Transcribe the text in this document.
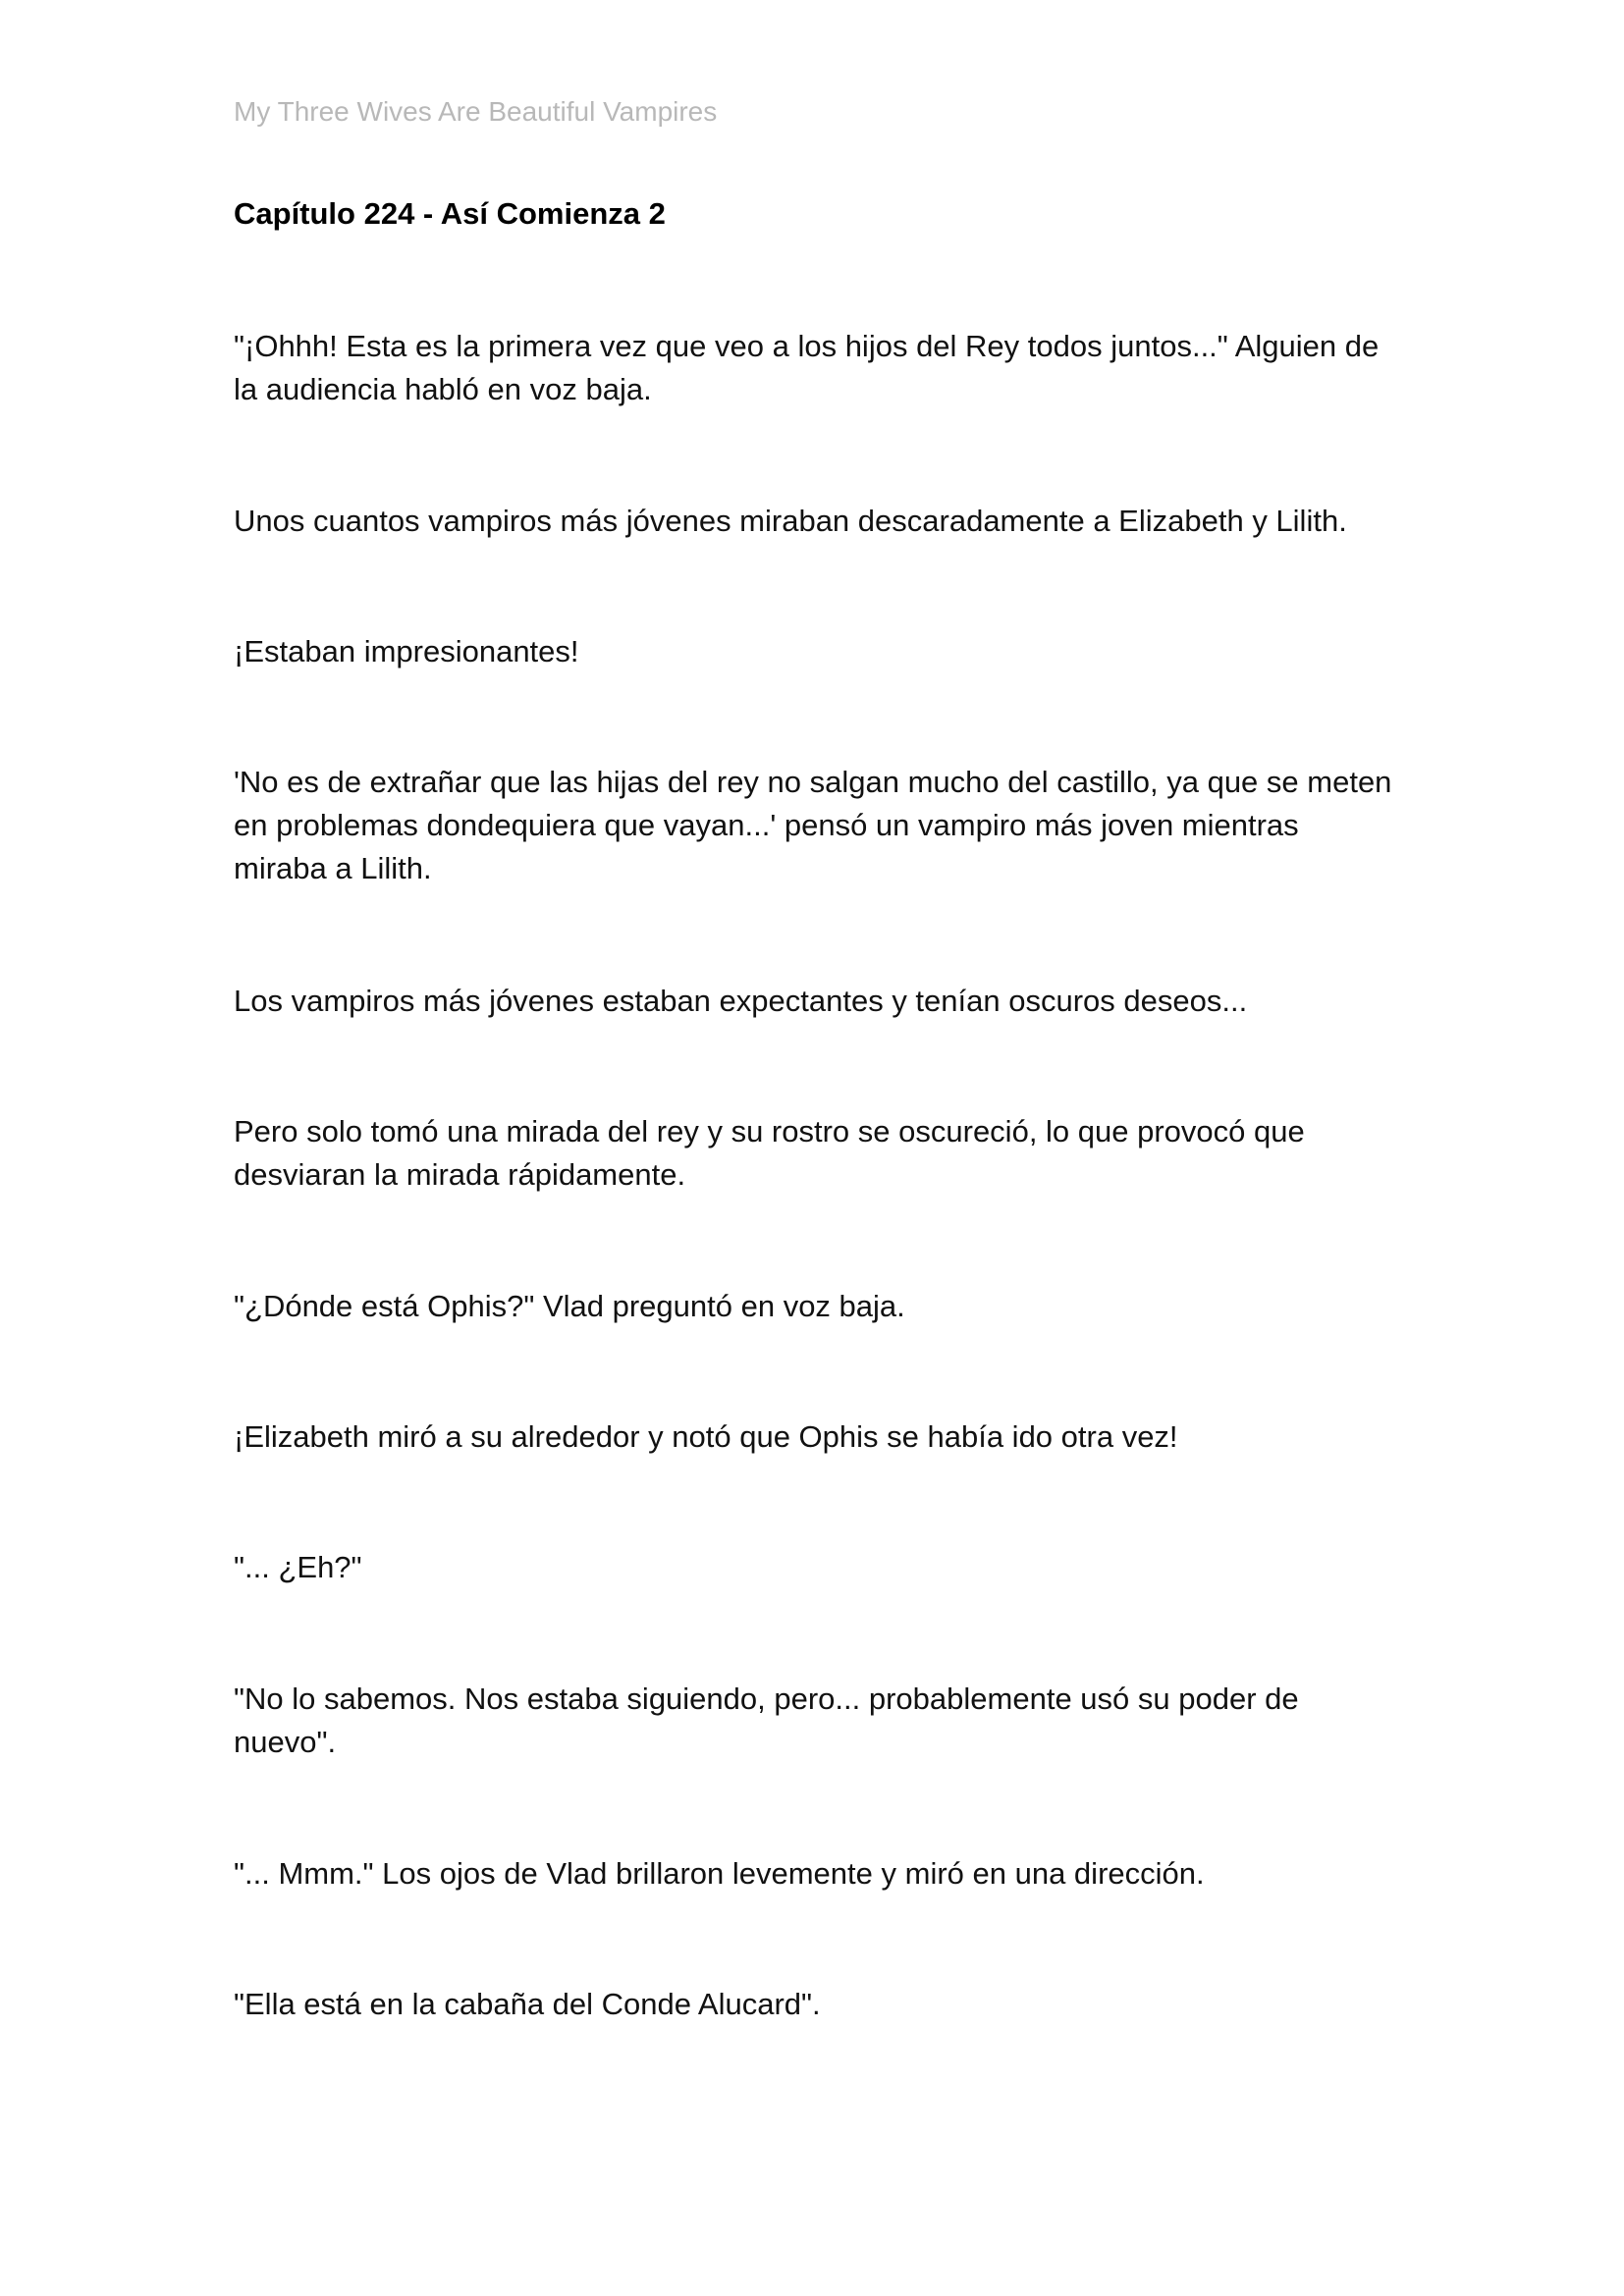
My Three Wives Are Beautiful Vampires
Capítulo 224 - Así Comienza 2

"¡Ohhh! Esta es la primera vez que veo a los hijos del Rey todos juntos..." Alguien de la audiencia habló en voz baja.

Unos cuantos vampiros más jóvenes miraban descaradamente a Elizabeth y Lilith.

¡Estaban impresionantes!

'No es de extrañar que las hijas del rey no salgan mucho del castillo, ya que se meten en problemas dondequiera que vayan...' pensó un vampiro más joven mientras miraba a Lilith.

Los vampiros más jóvenes estaban expectantes y tenían oscuros deseos...

Pero solo tomó una mirada del rey y su rostro se oscureció, lo que provocó que desviaran la mirada rápidamente.

"¿Dónde está Ophis?" Vlad preguntó en voz baja.

¡Elizabeth miró a su alrededor y notó que Ophis se había ido otra vez!

"... ¿Eh?"

"No lo sabemos. Nos estaba siguiendo, pero... probablemente usó su poder de nuevo".

"... Mmm." Los ojos de Vlad brillaron levemente y miró en una dirección.

"Ella está en la cabaña del Conde Alucard".
